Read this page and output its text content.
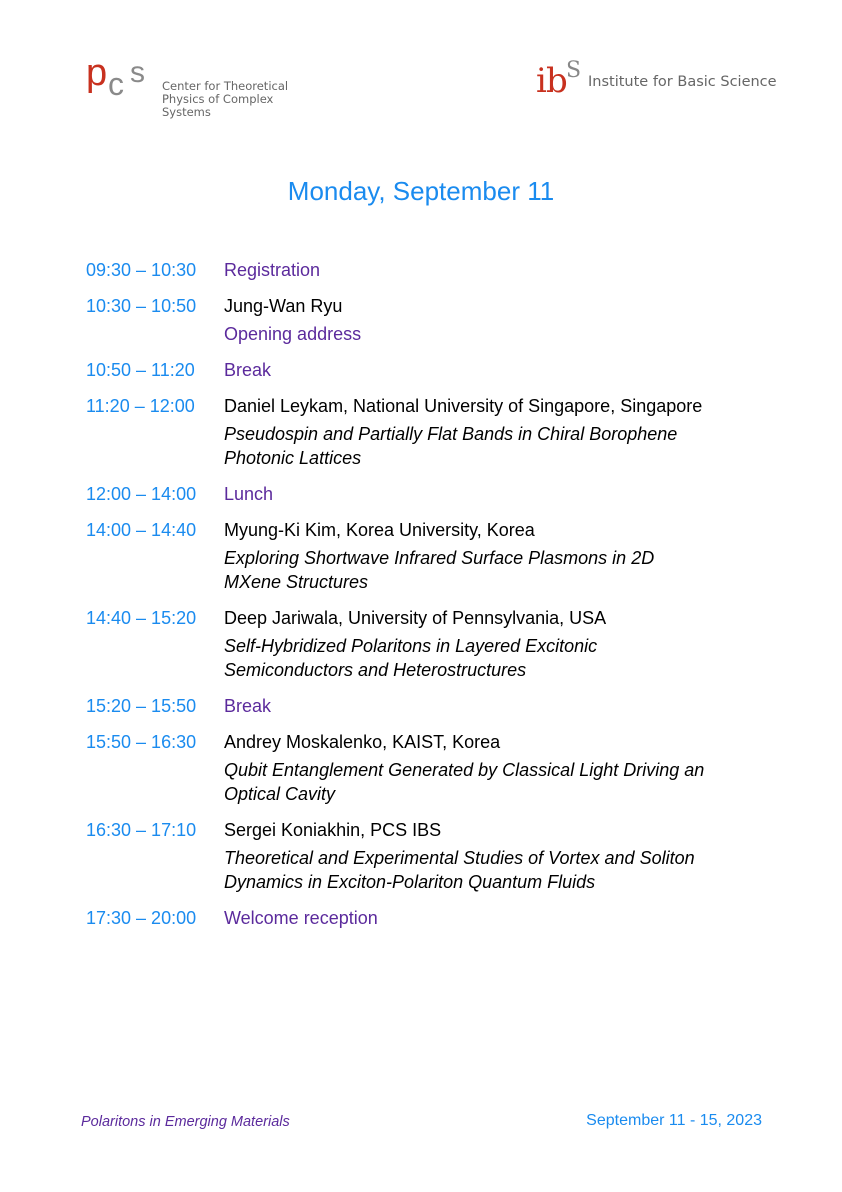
p c s Center for Theoretical
Physics of Complex Systems
i b
S Institute for Basic Science
Monday, September 11
09:30 – 10:30	Registration
10:30 – 10:50	Jung-Wan Ryu
Opening address
10:50 – 11:20	Break
11:20 – 12:00	Daniel Leykam, National University of Singapore, Singapore
Pseudospin and Partially Flat Bands in Chiral Borophene
Photonic Lattices
12:00 – 14:00	Lunch
14:00 – 14:40	Myung-Ki Kim, Korea University, Korea
Exploring Shortwave Infrared Surface Plasmons in 2D
MXene Structures
14:40 – 15:20	Deep Jariwala, University of Pennsylvania, USA
Self-Hybridized Polaritons in Layered Excitonic
Semiconductors and Heterostructures
15:20 – 15:50	Break
15:50 – 16:30	Andrey Moskalenko, KAIST, Korea
Qubit Entanglement Generated by Classical Light Driving an
Optical Cavity
16:30 – 17:10	Sergei Koniakhin, PCS IBS
Theoretical and Experimental Studies of Vortex and Soliton
Dynamics in Exciton-Polariton Quantum Fluids
17:30 – 20:00	Welcome reception
Polaritons in Emerging Materials	September 11 - 15, 2023
